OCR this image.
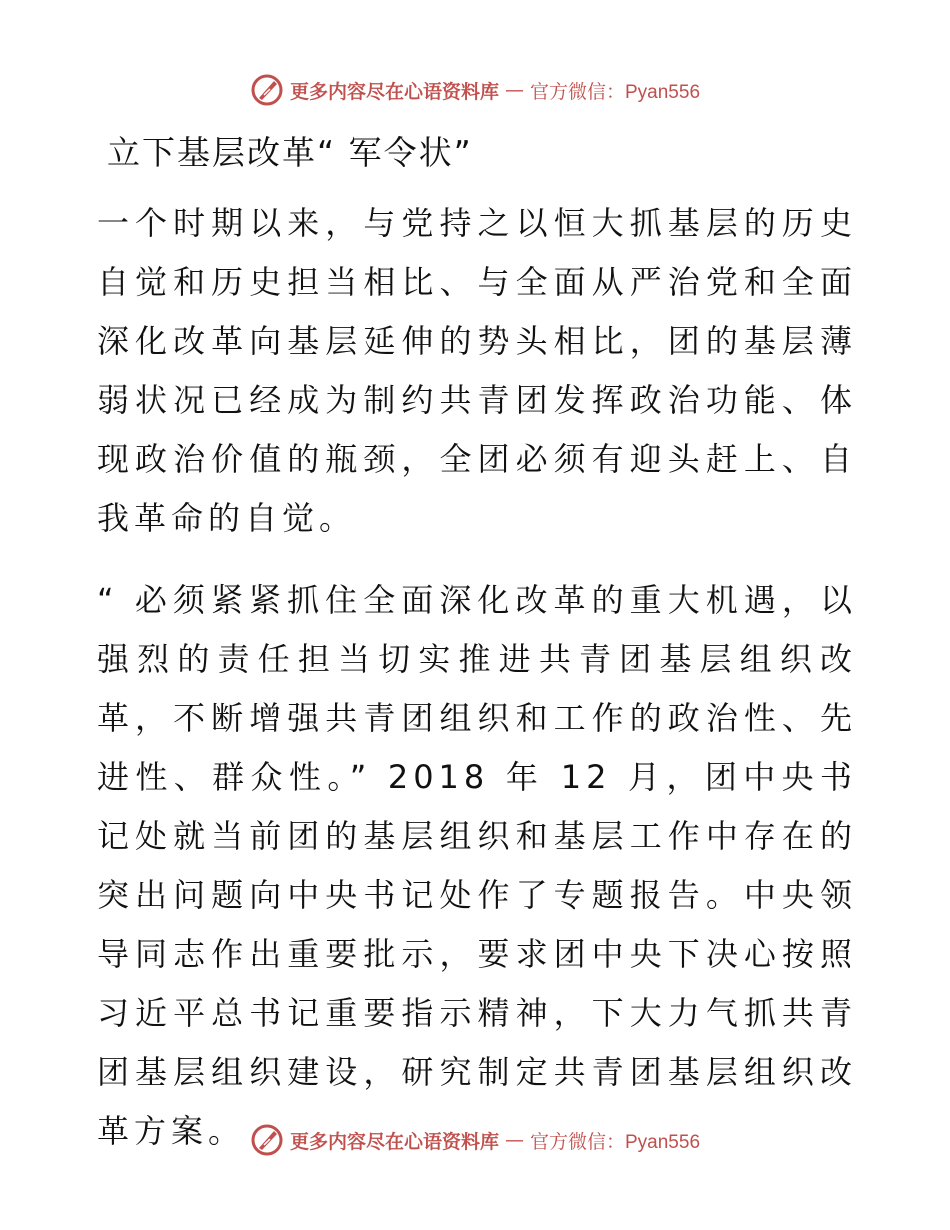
更多内容尽在心语资料库 — 官方微信：Pyan556
立下基层改革“ 军令状”

一个时期以来，与党持之以恒大抓基层的历史自觉和历史担当相比、与全面从严治党和全面深化改革向基层延伸的势头相比，团的基层薄弱状况已经成为制约共青团发挥政治功能、体现政治价值的瓶颈，全团必须有迎头赶上、自我革命的自觉。

“ 必须紧紧抓住全面深化改革的重大机遇，以强烈的责任担当切实推进共青团基层组织改革，不断增强共青团组织和工作的政治性、先进性、群众性。” 2018 年 12 月，团中央书记处就当前团的基层组织和基层工作中存在的突出问题向中央书记处作了专题报告。中央领导同志作出重要批示，要求团中央下决心按照习近平总书记重要指示精神，下大力气抓共青团基层组织建设，研究制定共青团基层组织改革方案。	更多内容尽在心语资料库 — 官方微信：Pyan556
